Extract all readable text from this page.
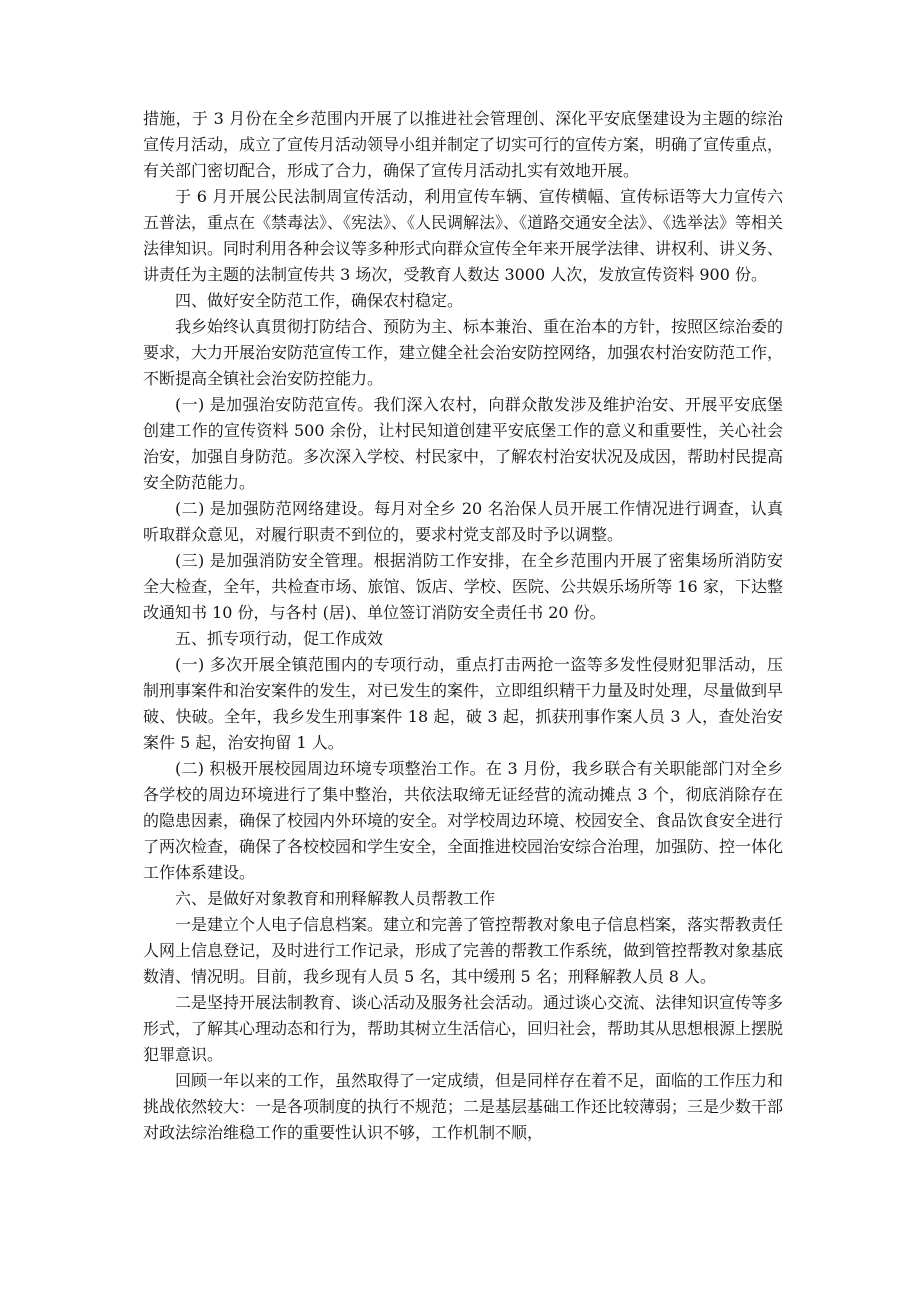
措施，于 3 月份在全乡范围内开展了以推进社会管理创、深化平安底堡建设为主题的综治宣传月活动，成立了宣传月活动领导小组并制定了切实可行的宣传方案，明确了宣传重点，有关部门密切配合，形成了合力，确保了宣传月活动扎实有效地开展。

于 6 月开展公民法制周宣传活动，利用宣传车辆、宣传横幅、宣传标语等大力宣传六五普法，重点在《禁毒法》、《宪法》、《人民调解法》、《道路交通安全法》、《选举法》等相关法律知识。同时利用各种会议等多种形式向群众宣传全年来开展学法律、讲权利、讲义务、讲责任为主题的法制宣传共 3 场次，受教育人数达 3000 人次，发放宣传资料 900 份。

四、做好安全防范工作，确保农村稳定。

我乡始终认真贯彻打防结合、预防为主、标本兼治、重在治本的方针，按照区综治委的要求，大力开展治安防范宣传工作，建立健全社会治安防控网络，加强农村治安防范工作，不断提高全镇社会治安防控能力。

(一) 是加强治安防范宣传。我们深入农村，向群众散发涉及维护治安、开展平安底堡创建工作的宣传资料 500 余份，让村民知道创建平安底堡工作的意义和重要性，关心社会治安，加强自身防范。多次深入学校、村民家中，了解农村治安状况及成因，帮助村民提高安全防范能力。

(二) 是加强防范网络建设。每月对全乡 20 名治保人员开展工作情况进行调查，认真听取群众意见，对履行职责不到位的，要求村党支部及时予以调整。

(三) 是加强消防安全管理。根据消防工作安排，在全乡范围内开展了密集场所消防安全大检查，全年，共检查市场、旅馆、饭店、学校、医院、公共娱乐场所等 16 家，下达整改通知书 10 份，与各村 (居)、单位签订消防安全责任书 20 份。

五、抓专项行动，促工作成效

(一) 多次开展全镇范围内的专项行动，重点打击两抢一盗等多发性侵财犯罪活动，压制刑事案件和治安案件的发生，对已发生的案件，立即组织精干力量及时处理，尽量做到早破、快破。全年，我乡发生刑事案件 18 起，破 3 起，抓获刑事作案人员 3 人，查处治安案件 5 起，治安拘留 1 人。

(二) 积极开展校园周边环境专项整治工作。在 3 月份，我乡联合有关职能部门对全乡各学校的周边环境进行了集中整治，共依法取缔无证经营的流动摊点 3 个，彻底消除存在的隐患因素，确保了校园内外环境的安全。对学校周边环境、校园安全、食品饮食安全进行了两次检查，确保了各校校园和学生安全，全面推进校园治安综合治理，加强防、控一体化工作体系建设。

六、是做好对象教育和刑释解教人员帮教工作

一是建立个人电子信息档案。建立和完善了管控帮教对象电子信息档案，落实帮教责任人网上信息登记，及时进行工作记录，形成了完善的帮教工作系统，做到管控帮教对象基底数清、情况明。目前，我乡现有人员 5 名，其中缓刑 5 名；刑释解教人员 8 人。

二是坚持开展法制教育、谈心活动及服务社会活动。通过谈心交流、法律知识宣传等多形式，了解其心理动态和行为，帮助其树立生活信心，回归社会，帮助其从思想根源上摆脱犯罪意识。

回顾一年以来的工作，虽然取得了一定成绩，但是同样存在着不足，面临的工作压力和挑战依然较大：一是各项制度的执行不规范；二是基层基础工作还比较薄弱；三是少数干部对政法综治维稳工作的重要性认识不够，工作机制不顺，
